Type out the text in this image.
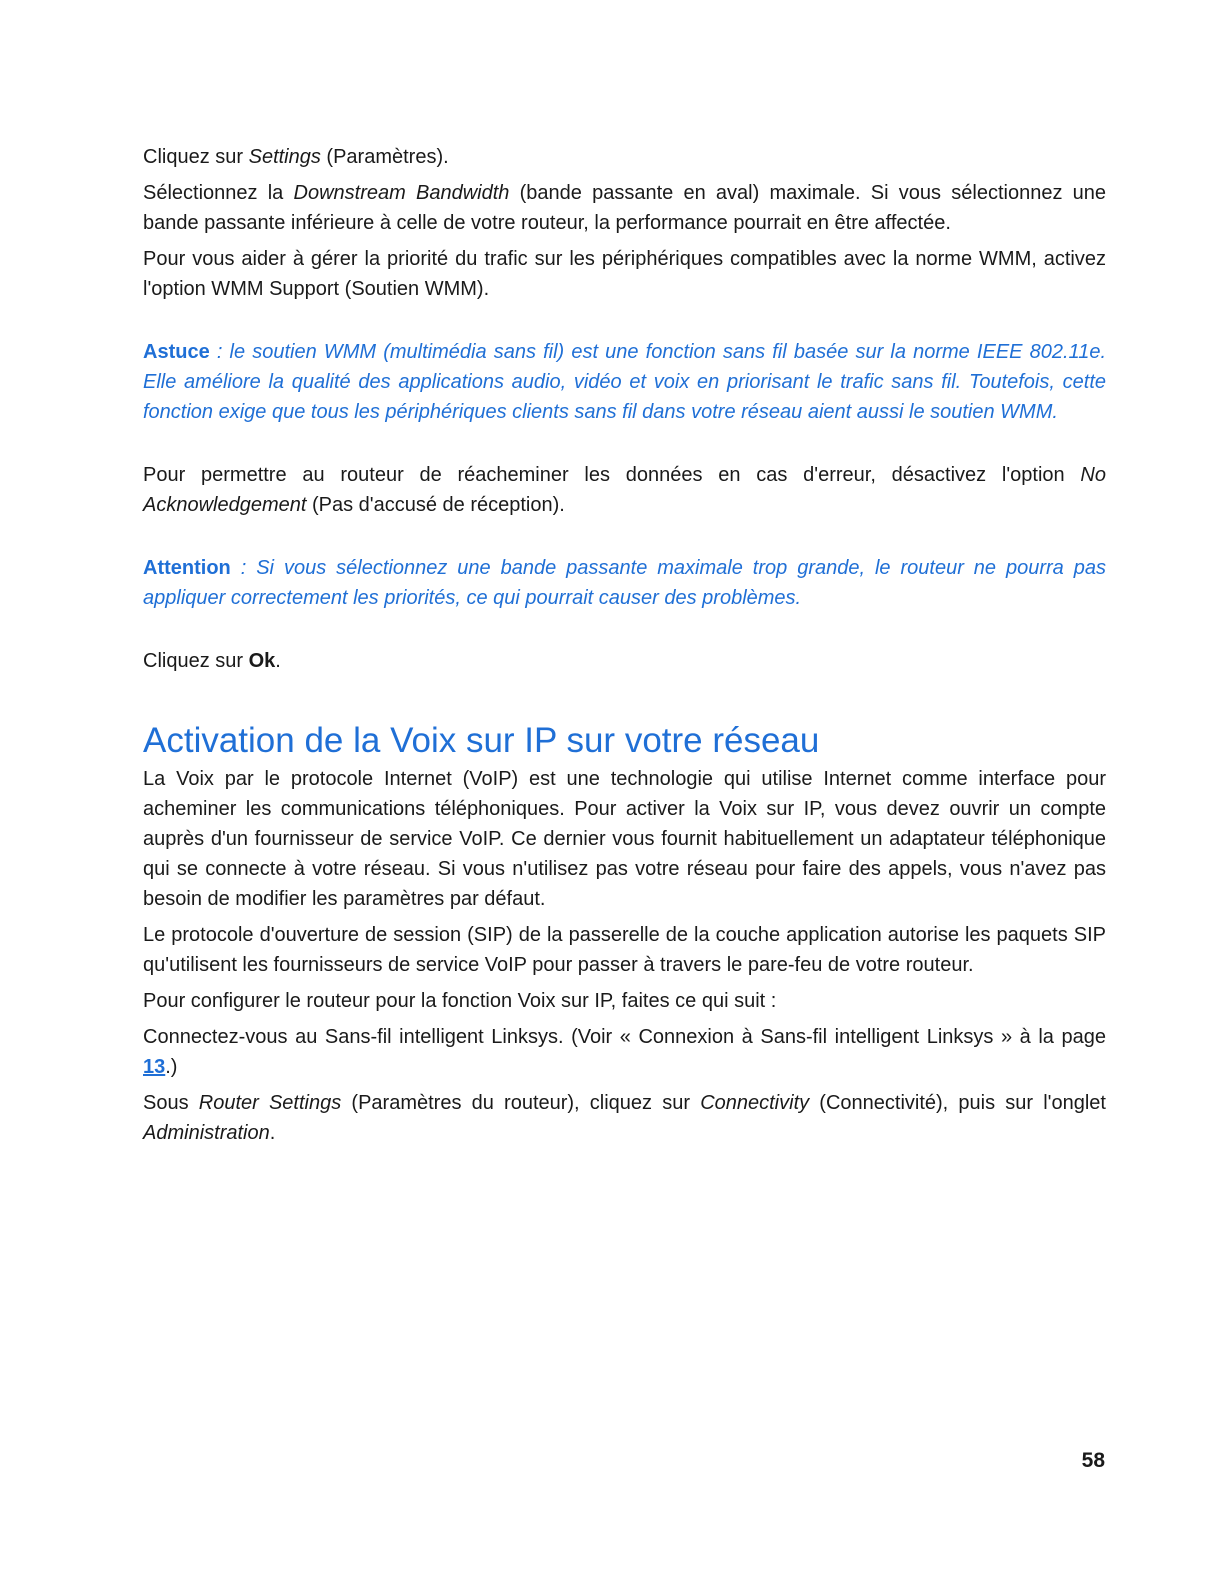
Cliquez sur Settings (Paramètres).

Sélectionnez la Downstream Bandwidth (bande passante en aval) maximale. Si vous sélectionnez une bande passante inférieure à celle de votre routeur, la performance pourrait en être affectée.

Pour vous aider à gérer la priorité du trafic sur les périphériques compatibles avec la norme WMM, activez l'option WMM Support (Soutien WMM).

Astuce : le soutien WMM (multimédia sans fil) est une fonction sans fil basée sur la norme IEEE 802.11e. Elle améliore la qualité des applications audio, vidéo et voix en priorisant le trafic sans fil. Toutefois, cette fonction exige que tous les périphériques clients sans fil dans votre réseau aient aussi le soutien WMM.

Pour permettre au routeur de réacheminer les données en cas d'erreur, désactivez l'option No Acknowledgement (Pas d'accusé de réception).

Attention : Si vous sélectionnez une bande passante maximale trop grande, le routeur ne pourra pas appliquer correctement les priorités, ce qui pourrait causer des problèmes.

Cliquez sur Ok.

Activation de la Voix sur IP sur votre réseau

La Voix par le protocole Internet (VoIP) est une technologie qui utilise Internet comme interface pour acheminer les communications téléphoniques. Pour activer la Voix sur IP, vous devez ouvrir un compte auprès d'un fournisseur de service VoIP. Ce dernier vous fournit habituellement un adaptateur téléphonique qui se connecte à votre réseau. Si vous n'utilisez pas votre réseau pour faire des appels, vous n'avez pas besoin de modifier les paramètres par défaut.

Le protocole d'ouverture de session (SIP) de la passerelle de la couche application autorise les paquets SIP qu'utilisent les fournisseurs de service VoIP pour passer à travers le pare-feu de votre routeur.

Pour configurer le routeur pour la fonction Voix sur IP, faites ce qui suit :

Connectez-vous au Sans-fil intelligent Linksys. (Voir « Connexion à Sans-fil intelligent Linksys » à la page 13.)

Sous Router Settings (Paramètres du routeur), cliquez sur Connectivity (Connectivité), puis sur l'onglet Administration.

58
